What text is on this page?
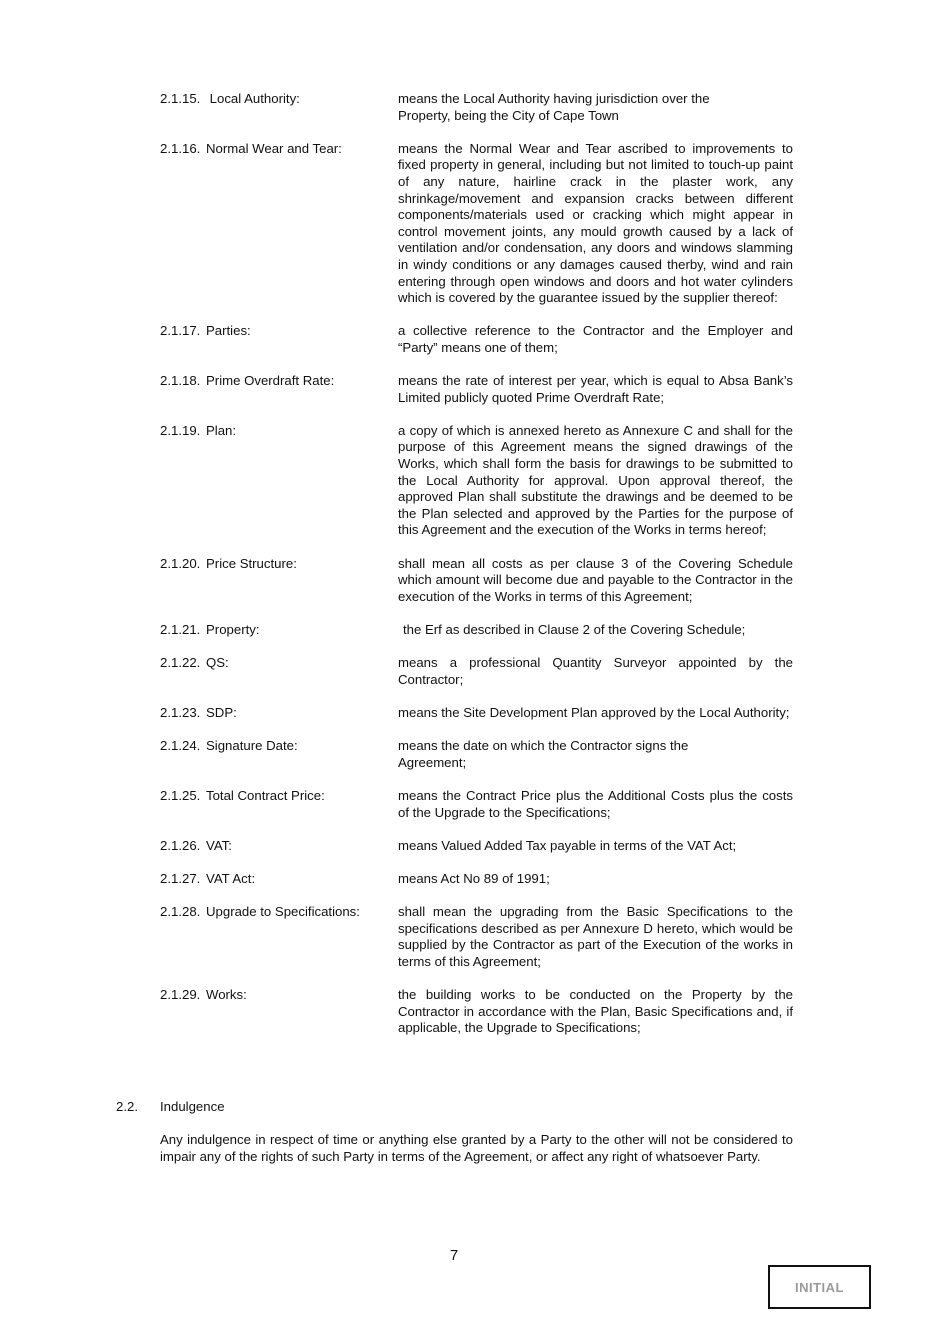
2.1.15. Local Authority:	means the Local Authority having jurisdiction over the Property, being the City of Cape Town
2.1.16. Normal Wear and Tear:	means the Normal Wear and Tear ascribed to improvements to fixed property in general, including but not limited to touch-up paint of any nature, hairline crack in the plaster work, any shrinkage/movement and expansion cracks between different components/materials used or cracking which might appear in control movement joints, any mould growth caused by a lack of ventilation and/or condensation, any doors and windows slamming in windy conditions or any damages caused therby, wind and rain entering through open windows and doors and hot water cylinders which is covered by the guarantee issued by the supplier thereof:
2.1.17. Parties:	a collective reference to the Contractor and the Employer and “Party” means one of them;
2.1.18. Prime Overdraft Rate:	means the rate of interest per year, which is equal to Absa Bank’s Limited publicly quoted Prime Overdraft Rate;
2.1.19. Plan:	a copy of which is annexed hereto as Annexure C and shall for the purpose of this Agreement means the signed drawings of the Works, which shall form the basis for drawings to be submitted to the Local Authority for approval. Upon approval thereof, the approved Plan shall substitute the drawings and be deemed to be the Plan selected and approved by the Parties for the purpose of this Agreement and the execution of the Works in terms hereof;
2.1.20. Price Structure:	shall mean all costs as per clause 3 of the Covering Schedule which amount will become due and payable to the Contractor in the execution of the Works in terms of this Agreement;
2.1.21. Property:	the Erf as described in Clause 2 of the Covering Schedule;
2.1.22. QS:	means a professional Quantity Surveyor appointed by the Contractor;
2.1.23. SDP:	means the Site Development Plan approved by the Local Authority;
2.1.24. Signature Date:	means the date on which the Contractor signs the Agreement;
2.1.25. Total Contract Price:	means the Contract Price plus the Additional Costs plus the costs of the Upgrade to the Specifications;
2.1.26. VAT:	means Valued Added Tax payable in terms of the VAT Act;
2.1.27. VAT Act:	means Act No 89 of 1991;
2.1.28. Upgrade to Specifications:	shall mean the upgrading from the Basic Specifications to the specifications described as per Annexure D hereto, which would be supplied by the Contractor as part of the Execution of the works in terms of this Agreement;
2.1.29. Works:	the building works to be conducted on the Property by the Contractor in accordance with the Plan, Basic Specifications and, if applicable, the Upgrade to Specifications;
2.2.	Indulgence
Any indulgence in respect of time or anything else granted by a Party to the other will not be considered to impair any of the rights of such Party in terms of the Agreement, or affect any right of whatsoever Party.
7
INITIAL
